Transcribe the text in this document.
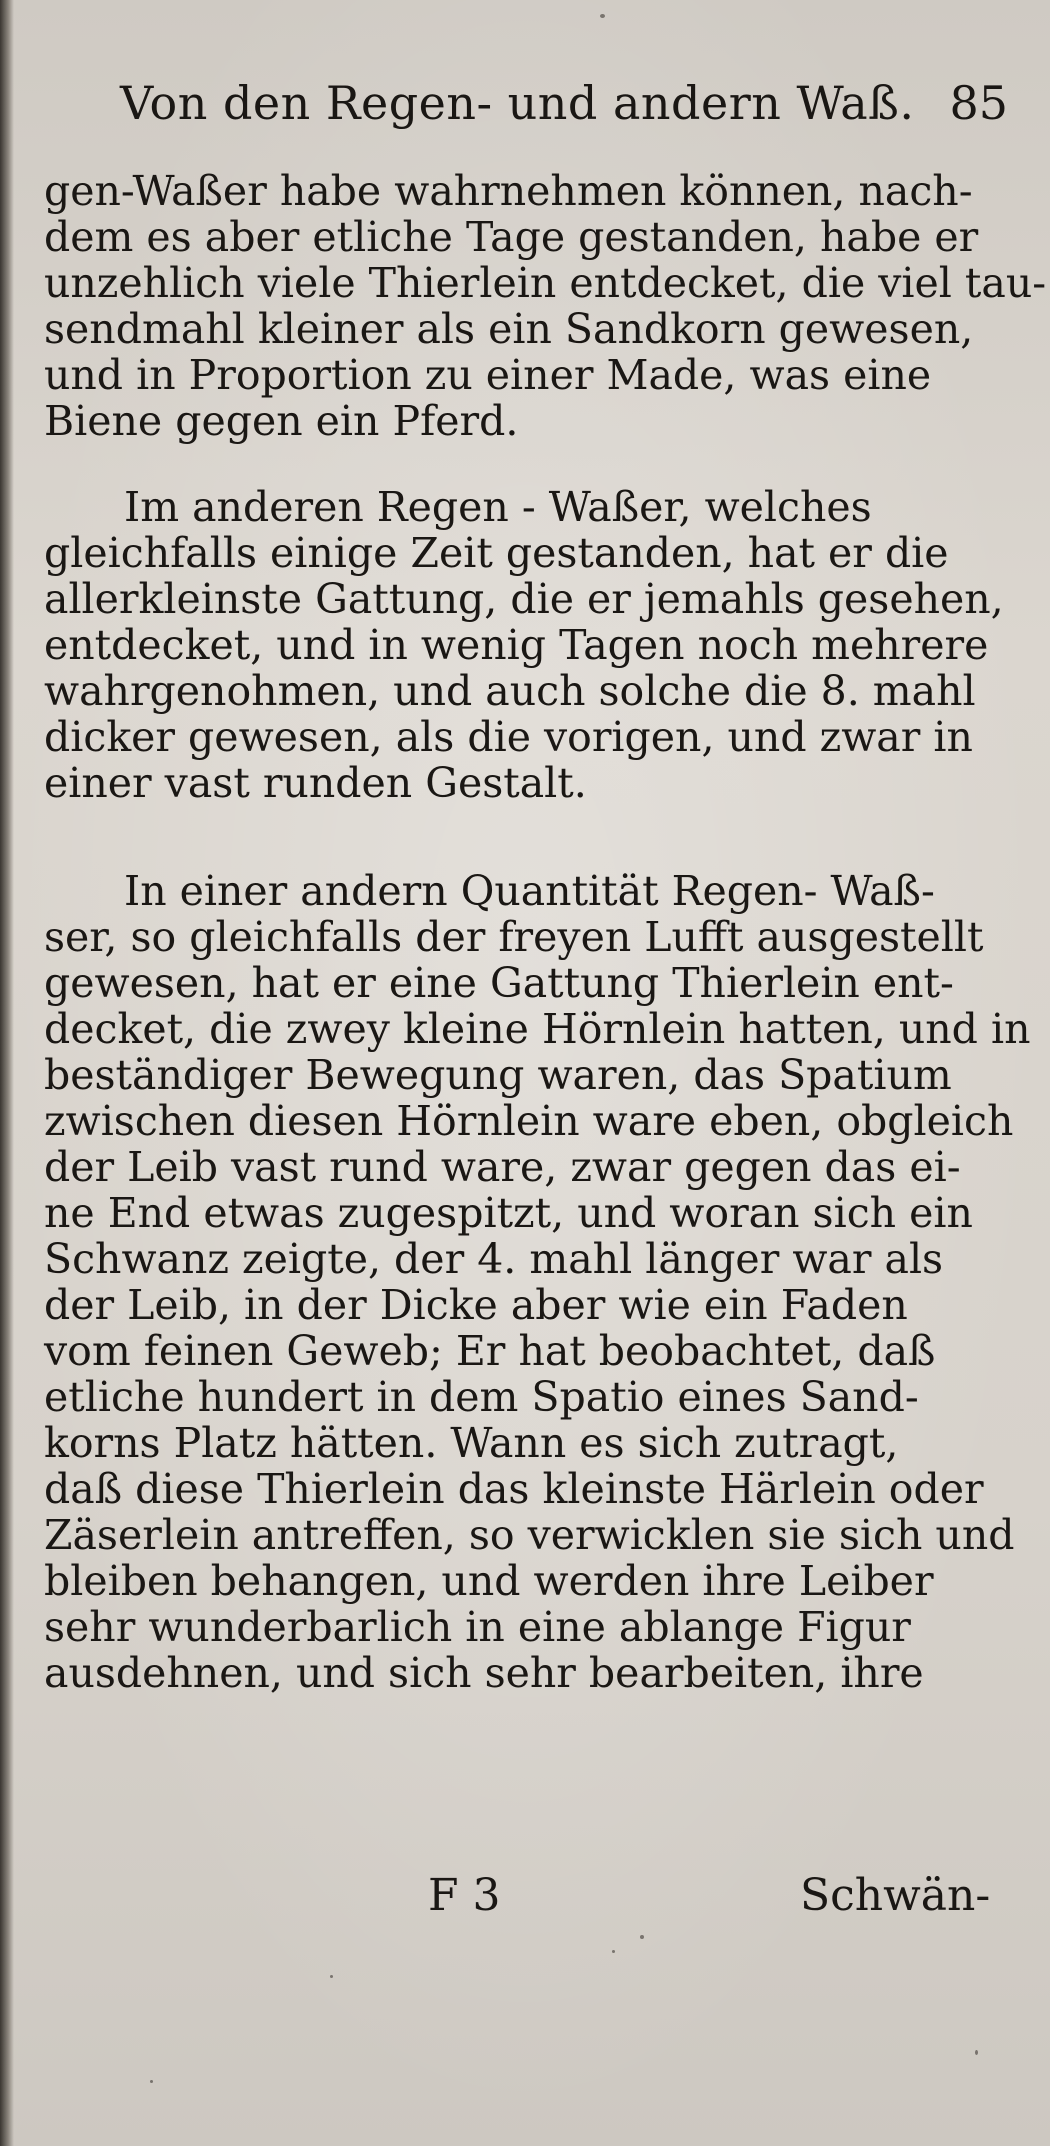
Von den Regen- und andern Waß. 85

gen-Waßer habe wahrnehmen können, nach-
dem es aber etliche Tage gestanden, habe er
unzehlich viele Thierlein entdecket, die viel tau-
sendmahl kleiner als ein Sandkorn gewesen,
und in Proportion zu einer Made, was eine
Biene gegen ein Pferd.

Im anderen Regen - Waßer, welches
gleichfalls einige Zeit gestanden, hat er die
allerkleinste Gattung, die er jemahls gesehen,
entdecket, und in wenig Tagen noch mehrere
wahrgenohmen, und auch solche die 8. mahl
dicker gewesen, als die vorigen, und zwar in
einer vast runden Gestalt.

In einer andern Quantität Regen- Waß-
ser, so gleichfalls der freyen Lufft ausgestellt
gewesen, hat er eine Gattung Thierlein ent-
decket, die zwey kleine Hörnlein hatten, und in
beständiger Bewegung waren, das Spatium
zwischen diesen Hörnlein ware eben, obgleich
der Leib vast rund ware, zwar gegen das ei-
ne End etwas zugespitzt, und woran sich ein
Schwanz zeigte, der 4. mahl länger war als
der Leib, in der Dicke aber wie ein Faden
vom feinen Geweb; Er hat beobachtet, daß
etliche hundert in dem Spatio eines Sand-
korns Platz hätten. Wann es sich zutragt,
daß diese Thierlein das kleinste Härlein oder
Zäserlein antreffen, so verwicklen sie sich und
bleiben behangen, und werden ihre Leiber
sehr wunderbarlich in eine ablange Figur
ausdehnen, und sich sehr bearbeiten, ihre

F 3	Schwän-
